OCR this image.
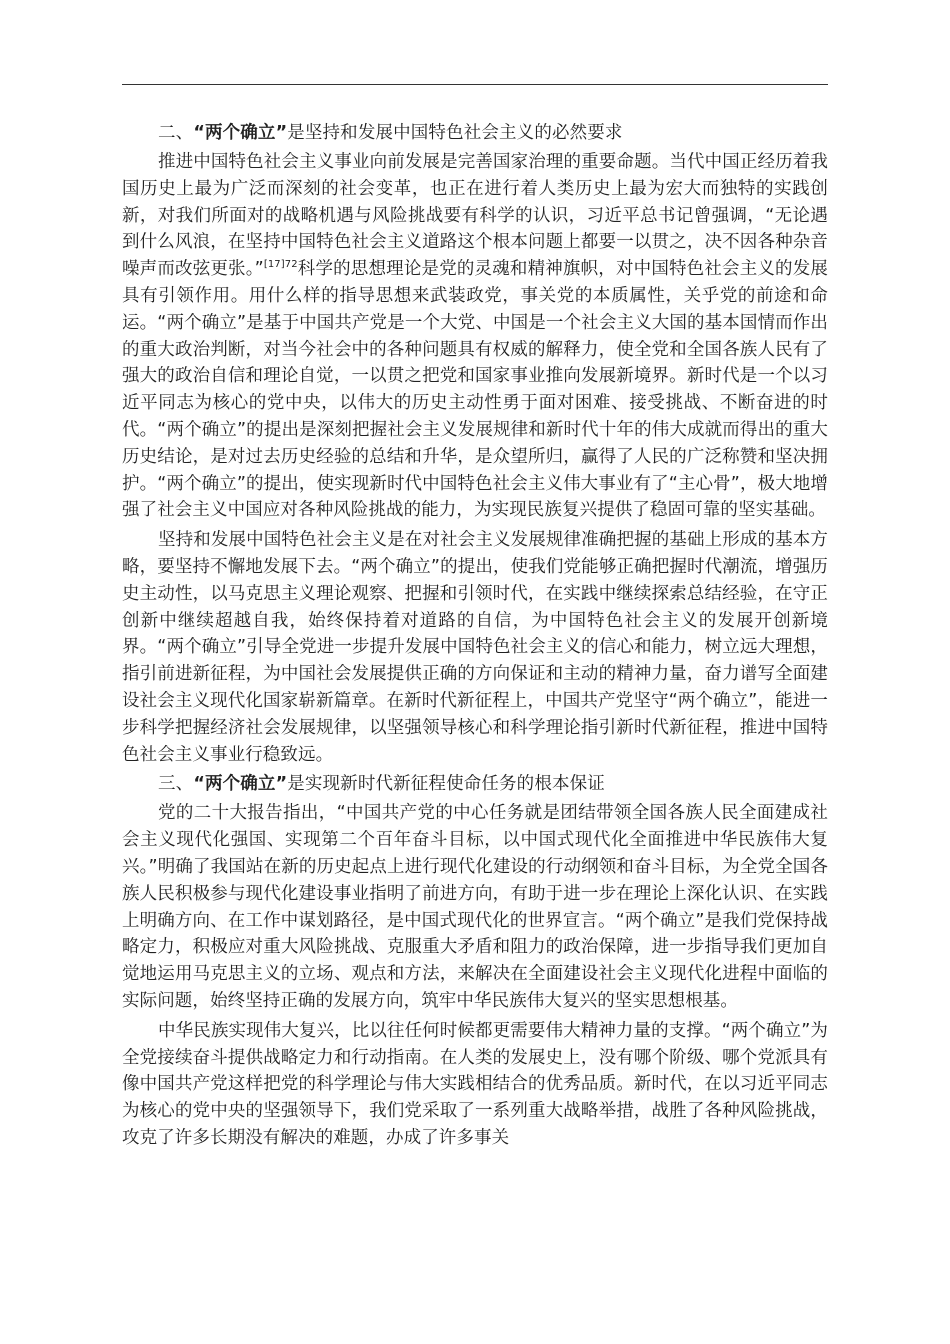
二、“两个确立”是坚持和发展中国特色社会主义的必然要求
推进中国特色社会主义事业向前发展是完善国家治理的重要命题。当代中国正经历着我国历史上最为广泛而深刻的社会变革，也正在进行着人类历史上最为宏大而独特的实践创新，对我们所面对的战略机遇与风险挑战要有科学的认识，习近平总书记曾强调，“无论遇到什么风浪，在坚持中国特色社会主义道路这个根本问题上都要一以贯之，决不因各种杂音噪声而改弦更张。”$^{[17]72}$科学的思想理论是党的灵魂和精神旗帜，对中国特色社会主义的发展具有引领作用。用什么样的指导思想来武装政党，事关党的本质属性，关乎党的前途和命运。“两个确立”是基于中国共产党是一个大党、中国是一个社会主义大国的基本国情而作出的重大政治判断，对当今社会中的各种问题具有权威的解释力，使全党和全国各族人民有了强大的政治自信和理论自觉，一以贯之把党和国家事业推向发展新境界。新时代是一个以习近平同志为核心的党中央，以伟大的历史主动性勇于面对困难、接受挑战、不断奋进的时代。“两个确立”的提出是深刻把握社会主义发展规律和新时代十年的伟大成就而得出的重大历史结论，是对过去历史经验的总结和升华，是众望所归，赢得了人民的广泛称赞和坚决拥护。“两个确立”的提出，使实现新时代中国特色社会主义伟大事业有了“主心骨”，极大地增强了社会主义中国应对各种风险挑战的能力，为实现民族复兴提供了稳固可靠的坚实基础。
坚持和发展中国特色社会主义是在对社会主义发展规律准确把握的基础上形成的基本方略，要坚持不懈地发展下去。“两个确立”的提出，使我们党能够正确把握时代潮流，增强历史主动性，以马克思主义理论观察、把握和引领时代，在实践中继续探索总结经验，在守正创新中继续超越自我，始终保持着对道路的自信，为中国特色社会主义的发展开创新境界。“两个确立”引导全党进一步提升发展中国特色社会主义的信心和能力，树立远大理想，指引前进新征程，为中国社会发展提供正确的方向保证和主动的精神力量，奋力谱写全面建设社会主义现代化国家崭新篇章。在新时代新征程上，中国共产党坚守“两个确立”，能进一步科学把握经济社会发展规律，以坚强领导核心和科学理论指引新时代新征程，推进中国特色社会主义事业行稳致远。
三、“两个确立”是实现新时代新征程使命任务的根本保证
党的二十大报告指出，“中国共产党的中心任务就是团结带领全国各族人民全面建成社会主义现代化强国、实现第二个百年奋斗目标，以中国式现代化全面推进中华民族伟大复兴。”明确了我国站在新的历史起点上进行现代化建设的行动纲领和奋斗目标，为全党全国各族人民积极参与现代化建设事业指明了前进方向，有助于进一步在理论上深化认识、在实践上明确方向、在工作中谋划路径，是中国式现代化的世界宣言。“两个确立”是我们党保持战略定力，积极应对重大风险挑战、克服重大矛盾和阻力的政治保障，进一步指导我们更加自觉地运用马克思主义的立场、观点和方法，来解决在全面建设社会主义现代化进程中面临的实际问题，始终坚持正确的发展方向，筑牢中华民族伟大复兴的坚实思想根基。
中华民族实现伟大复兴，比以往任何时候都更需要伟大精神力量的支撑。“两个确立”为全党接续奋斗提供战略定力和行动指南。在人类的发展史上，没有哪个阶级、哪个党派具有像中国共产党这样把党的科学理论与伟大实践相结合的优秀品质。新时代，在以习近平同志为核心的党中央的坚强领导下，我们党采取了一系列重大战略举措，战胜了各种风险挑战，攻克了许多长期没有解决的难题，办成了许多事关
